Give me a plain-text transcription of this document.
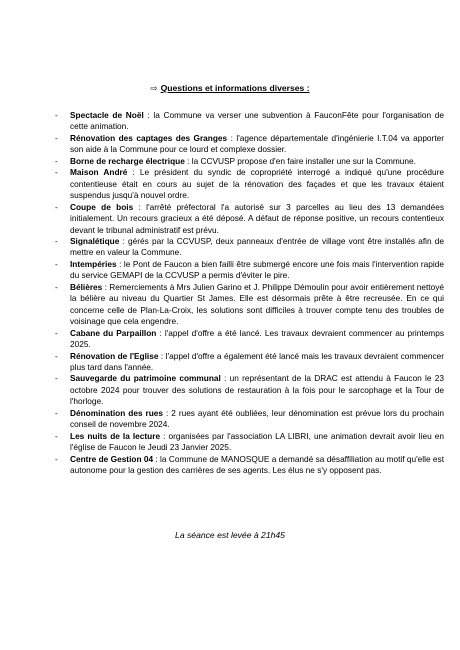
⇨ Questions et informations diverses :
- Spectacle de Noël : la Commune va verser une subvention à FauconFête pour l'organisation de cette animation.
- Rénovation des captages des Granges : l'agence départementale d'ingénierie I.T.04 va apporter son aide à la Commune pour ce lourd et complexe dossier.
- Borne de recharge électrique : la CCVUSP propose d'en faire installer une sur la Commune.
- Maison André : Le président du syndic de copropriété interrogé a indiqué qu'une procédure contentieuse était en cours au sujet de la rénovation des façades et que les travaux étaient suspendus jusqu'à nouvel ordre.
- Coupe de bois : l'arrêté préfectoral l'a autorisé sur 3 parcelles au lieu des 13 demandées initialement. Un recours gracieux a été déposé. A défaut de réponse positive, un recours contentieux devant le tribunal administratif est prévu.
- Signalétique : gérés par la CCVUSP, deux panneaux d'entrée de village vont être installés afin de mettre en valeur la Commune.
- Intempéries : le Pont de Faucon a bien failli être submergé encore une fois mais l'intervention rapide du service GEMAPI de la CCVUSP a permis d'éviter le pire.
- Bélières : Remerciements à Mrs Julien Garino et J. Philippe Démoulin pour avoir entièrement nettoyé la bélière au niveau du Quartier St James. Elle est désormais prête à être recreusée. En ce qui concerne celle de Plan-La-Croix, les solutions sont difficiles à trouver compte tenu des troubles de voisinage que cela engendre.
- Cabane du Parpaillon : l'appel d'offre a été lancé. Les travaux devraient commencer au printemps 2025.
- Rénovation de l'Eglise : l'appel d'offre a également été lancé mais les travaux devraient commencer plus tard dans l'année.
- Sauvegarde du patrimoine communal : un représentant de la DRAC est attendu à Faucon le 23 octobre 2024 pour trouver des solutions de restauration à la fois pour le sarcophage et la Tour de l'horloge.
- Dénomination des rues : 2 rues ayant été oubliées, leur dénomination est prévue lors du prochain conseil de novembre 2024.
- Les nuits de la lecture : organisées par l'association LA LIBRI, une animation devrait avoir lieu en l'église de Faucon le Jeudi 23 Janvier 2025.
- Centre de Gestion 04 : la Commune de MANOSQUE a demandé sa désaffiliation au motif qu'elle est autonome pour la gestion des carrières de ses agents. Les élus ne s'y opposent pas.
La séance est levée à 21h45
